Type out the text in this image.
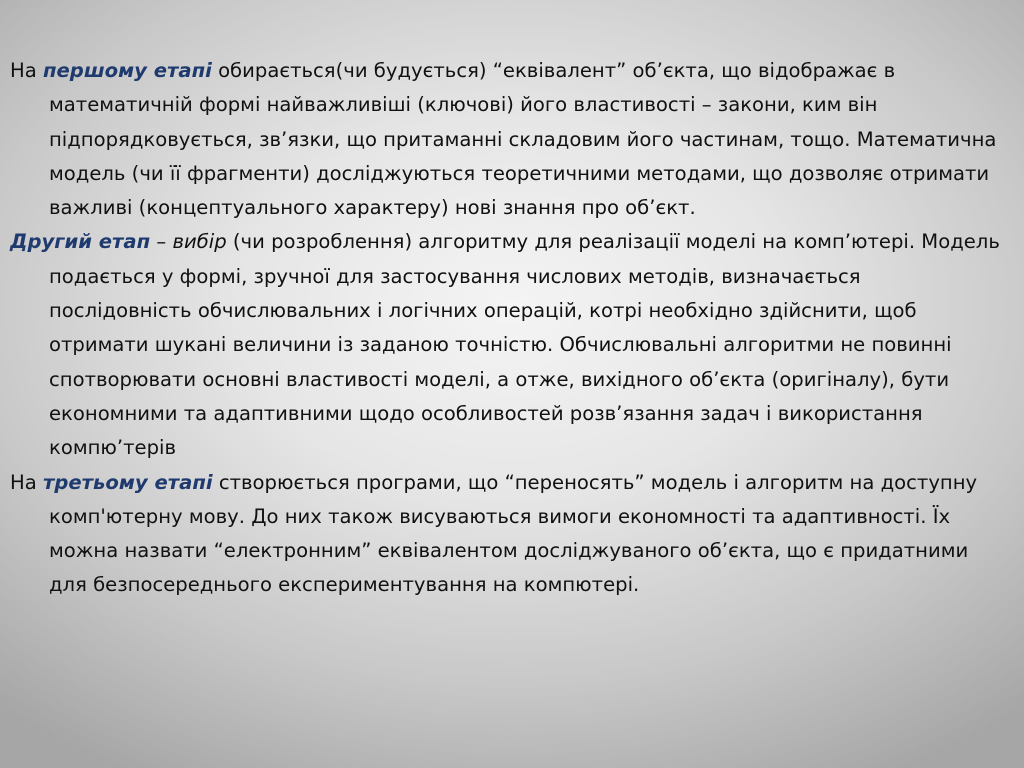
На першому етапі обирається(чи будується) “еквівалент” об’єкта, що відображає в математичній формі найважливіші (ключові) його властивості – закони, ким він підпорядковується, зв’язки, що притаманні складовим його частинам, тощо. Математична модель (чи її фрагменти) досліджуються теоретичними методами, що дозволяє отримати важливі (концептуального характеру) нові знання про об’єкт.

Другий етап – вибір (чи розроблення) алгоритму для реалізації моделі на комп’ютері. Модель подається у формі, зручної для застосування числових методів, визначається послідовність обчислювальних і логічних операцій, котрі необхідно здійснити, щоб отримати шукані величини із заданою точністю. Обчислювальні алгоритми не повинні спотворювати основні властивості моделі, а отже, вихідного об’єкта (оригіналу), бути економними та адаптивними щодо особливостей розв’язання задач і використання компю’терів

На третьому етапі створюється програми, що “переносять” модель і алгоритм на доступну комп'ютерну мову. До них також висуваються вимоги економності та адаптивності. Їх можна назвати “електронним” еквівалентом досліджуваного об’єкта, що є придатними для безпосереднього експериментування на компютері.
